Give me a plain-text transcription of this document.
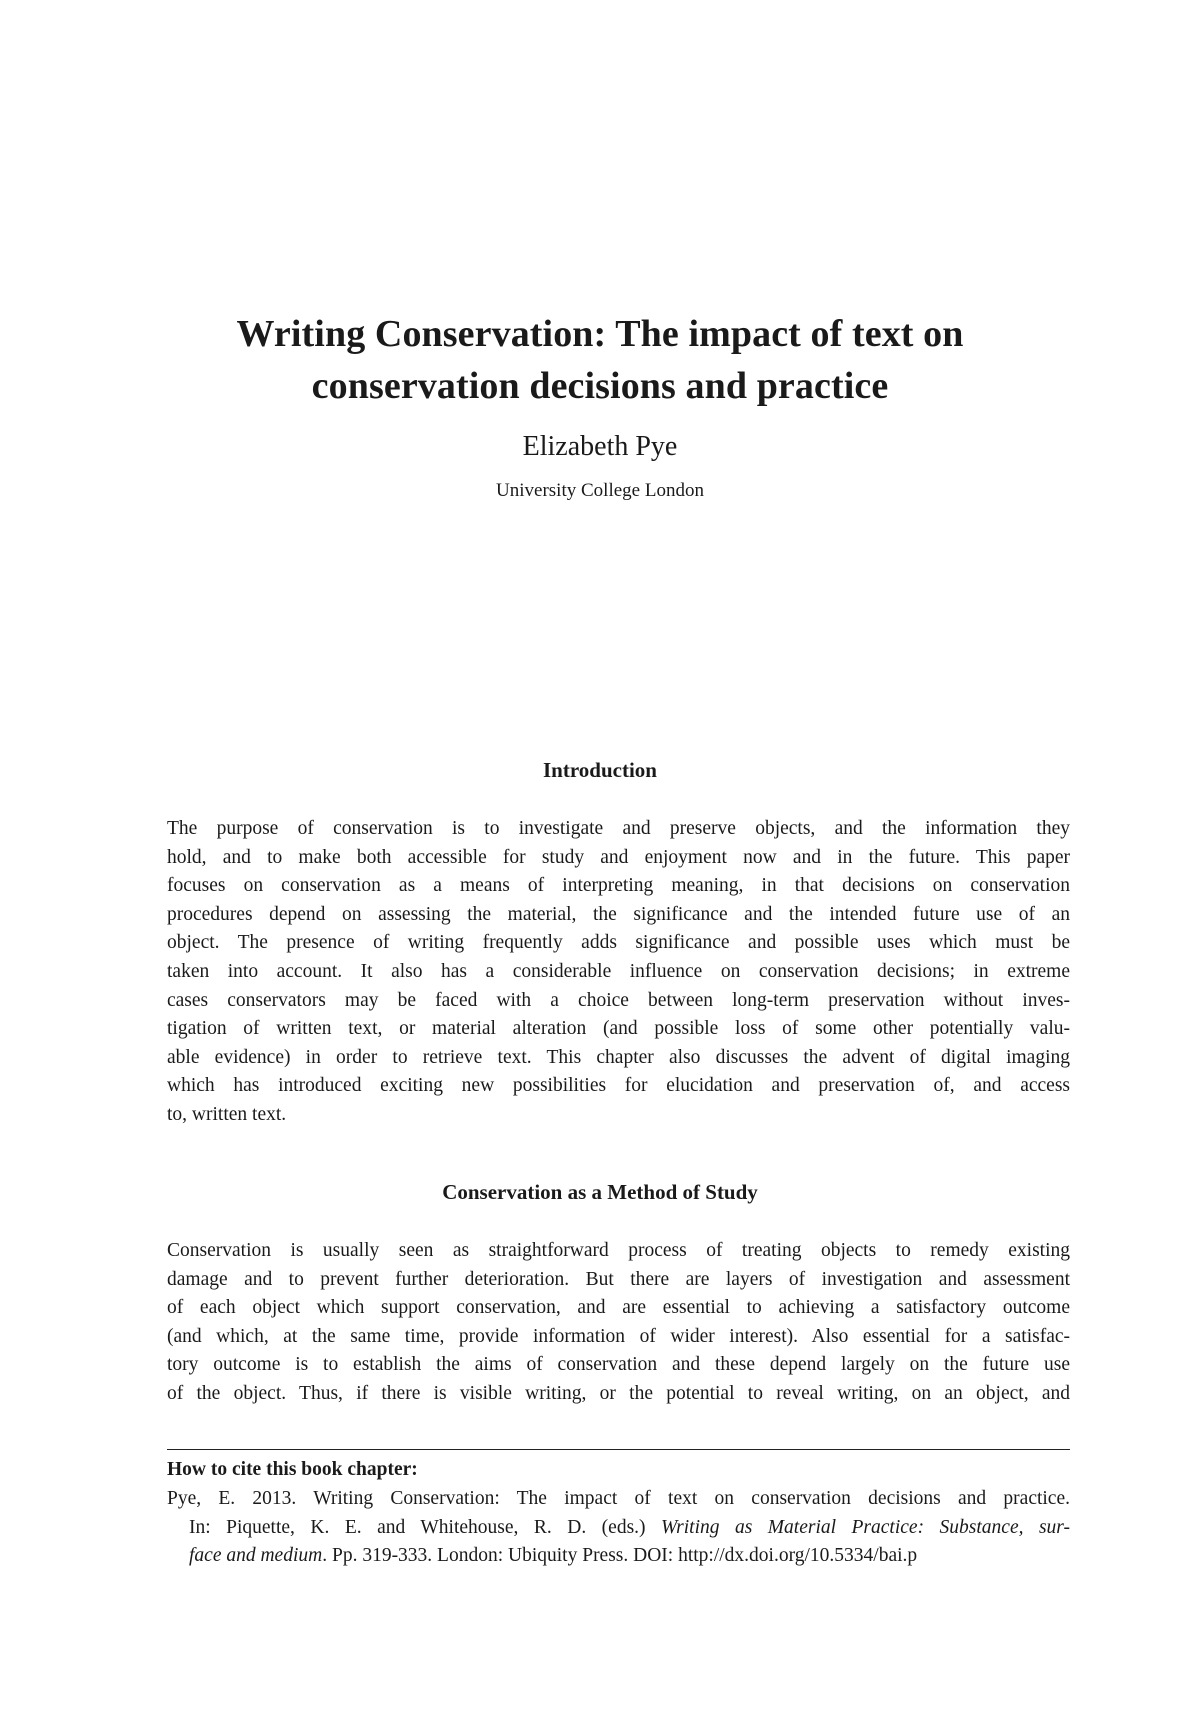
Writing Conservation: The impact of text on
conservation decisions and practice
Elizabeth Pye
University College London
Introduction
The purpose of conservation is to investigate and preserve objects, and the information they
hold, and to make both accessible for study and enjoyment now and in the future. This paper
focuses on conservation as a means of interpreting meaning, in that decisions on conservation
procedures depend on assessing the material, the significance and the intended future use of an
object. The presence of writing frequently adds significance and possible uses which must be
taken into account. It also has a considerable influence on conservation decisions; in extreme
cases conservators may be faced with a choice between long-term preservation without inves-
tigation of written text, or material alteration (and possible loss of some other potentially valu-
able evidence) in order to retrieve text. This chapter also discusses the advent of digital imaging
which has introduced exciting new possibilities for elucidation and preservation of, and access
to, written text.
Conservation as a Method of Study
Conservation is usually seen as straightforward process of treating objects to remedy existing
damage and to prevent further deterioration. But there are layers of investigation and assessment
of each object which support conservation, and are essential to achieving a satisfactory outcome
(and which, at the same time, provide information of wider interest). Also essential for a satisfac-
tory outcome is to establish the aims of conservation and these depend largely on the future use
of the object. Thus, if there is visible writing, or the potential to reveal writing, on an object, and
How to cite this book chapter:
Pye, E. 2013. Writing Conservation: The impact of text on conservation decisions and practice.
In: Piquette, K. E. and Whitehouse, R. D. (eds.) Writing as Material Practice: Substance, sur-
face and medium. Pp. 319-333. London: Ubiquity Press. DOI: http://dx.doi.org/10.5334/bai.p
